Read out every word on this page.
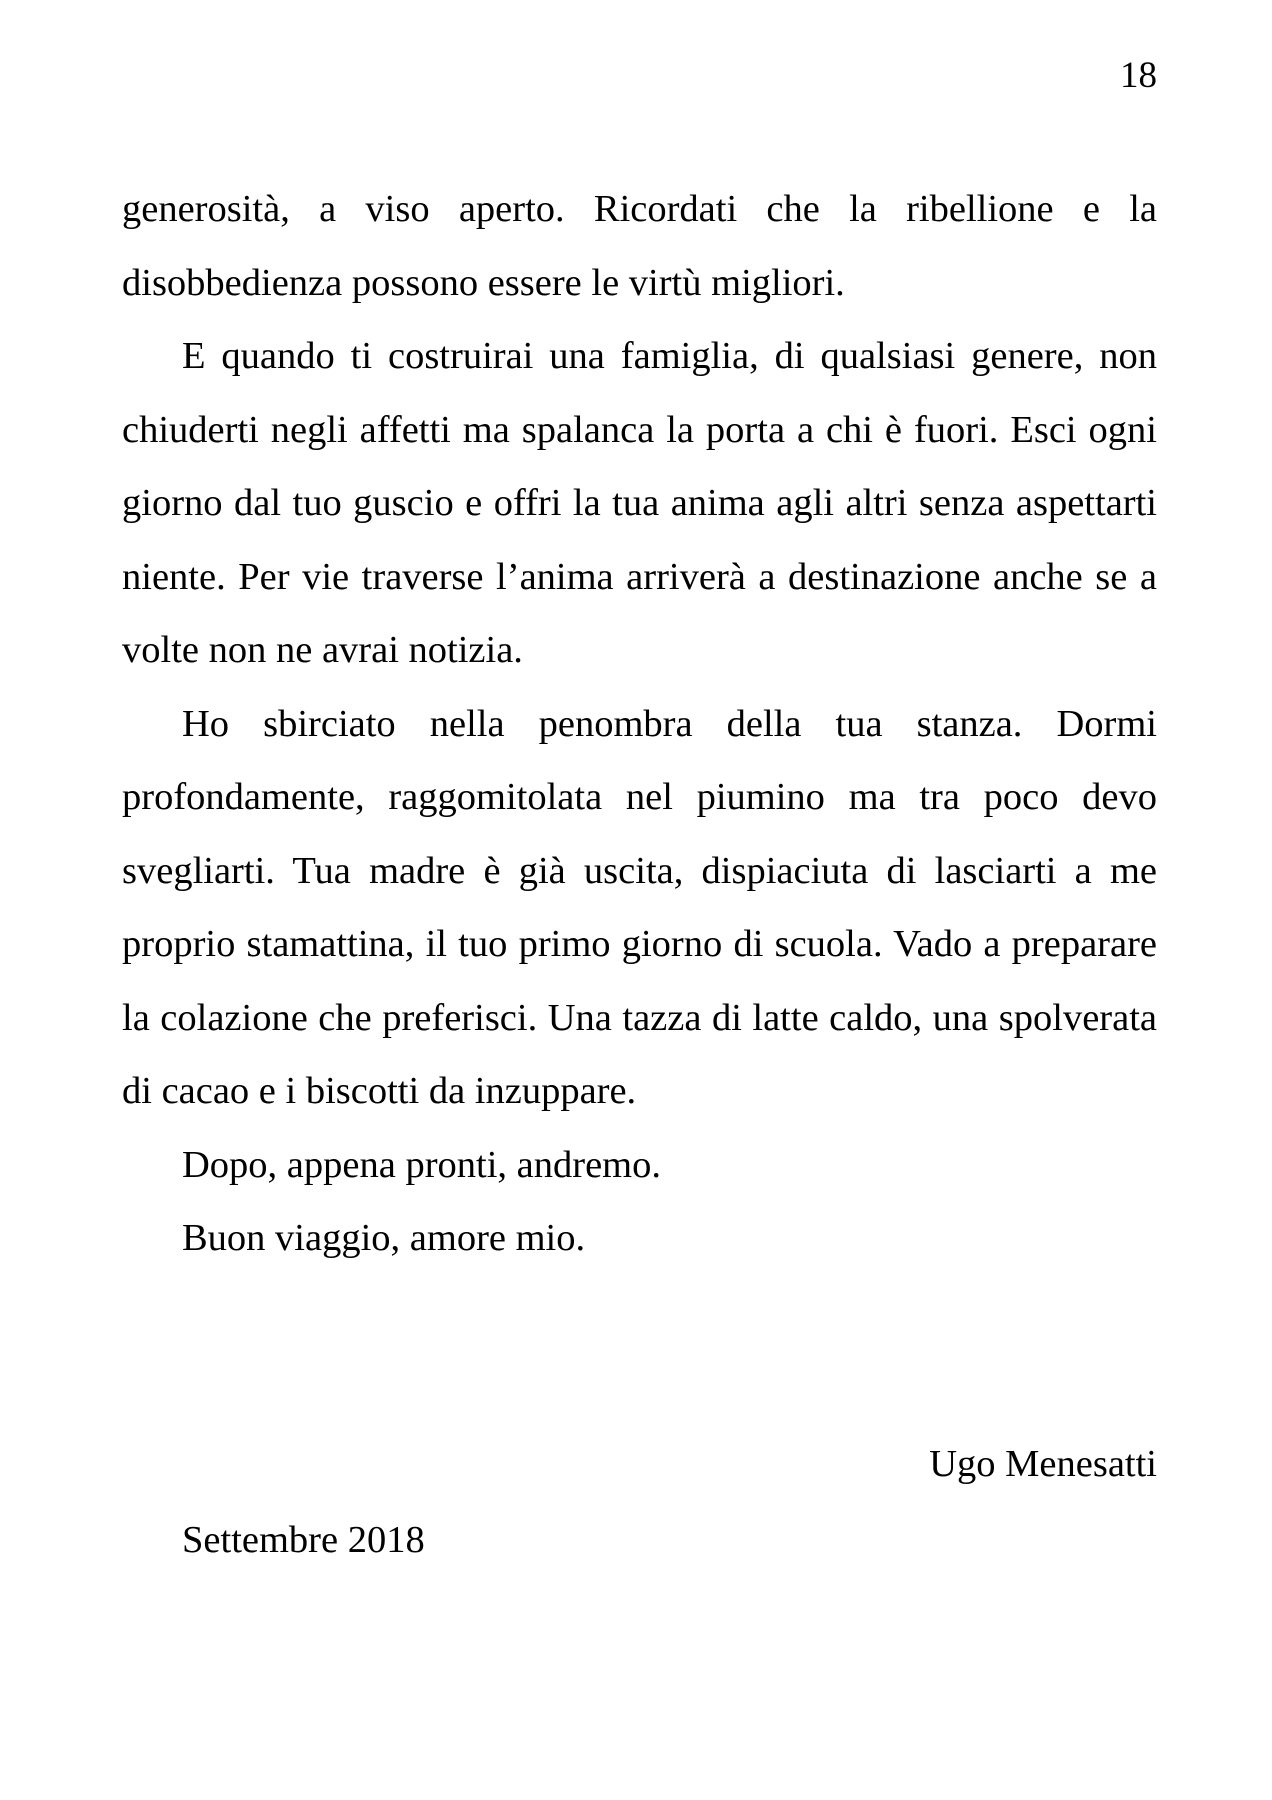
18

generosità, a viso aperto. Ricordati che la ribellione e la disobbedienza possono essere le virtù migliori.

E quando ti costruirai una famiglia, di qualsiasi genere, non chiuderti negli affetti ma spalanca la porta a chi è fuori. Esci ogni giorno dal tuo guscio e offri la tua anima agli altri senza aspettarti niente. Per vie traverse l’anima arriverà a destinazione anche se a volte non ne avrai notizia.

Ho sbirciato nella penombra della tua stanza. Dormi profondamente, raggomitolata nel piumino ma tra poco devo svegliarti. Tua madre è già uscita, dispiaciuta di lasciarti a me proprio stamattina, il tuo primo giorno di scuola. Vado a preparare la colazione che preferisci. Una tazza di latte caldo, una spolverata di cacao e i biscotti da inzuppare.

Dopo, appena pronti, andremo.

Buon viaggio, amore mio.

Ugo Menesatti
Settembre 2018
